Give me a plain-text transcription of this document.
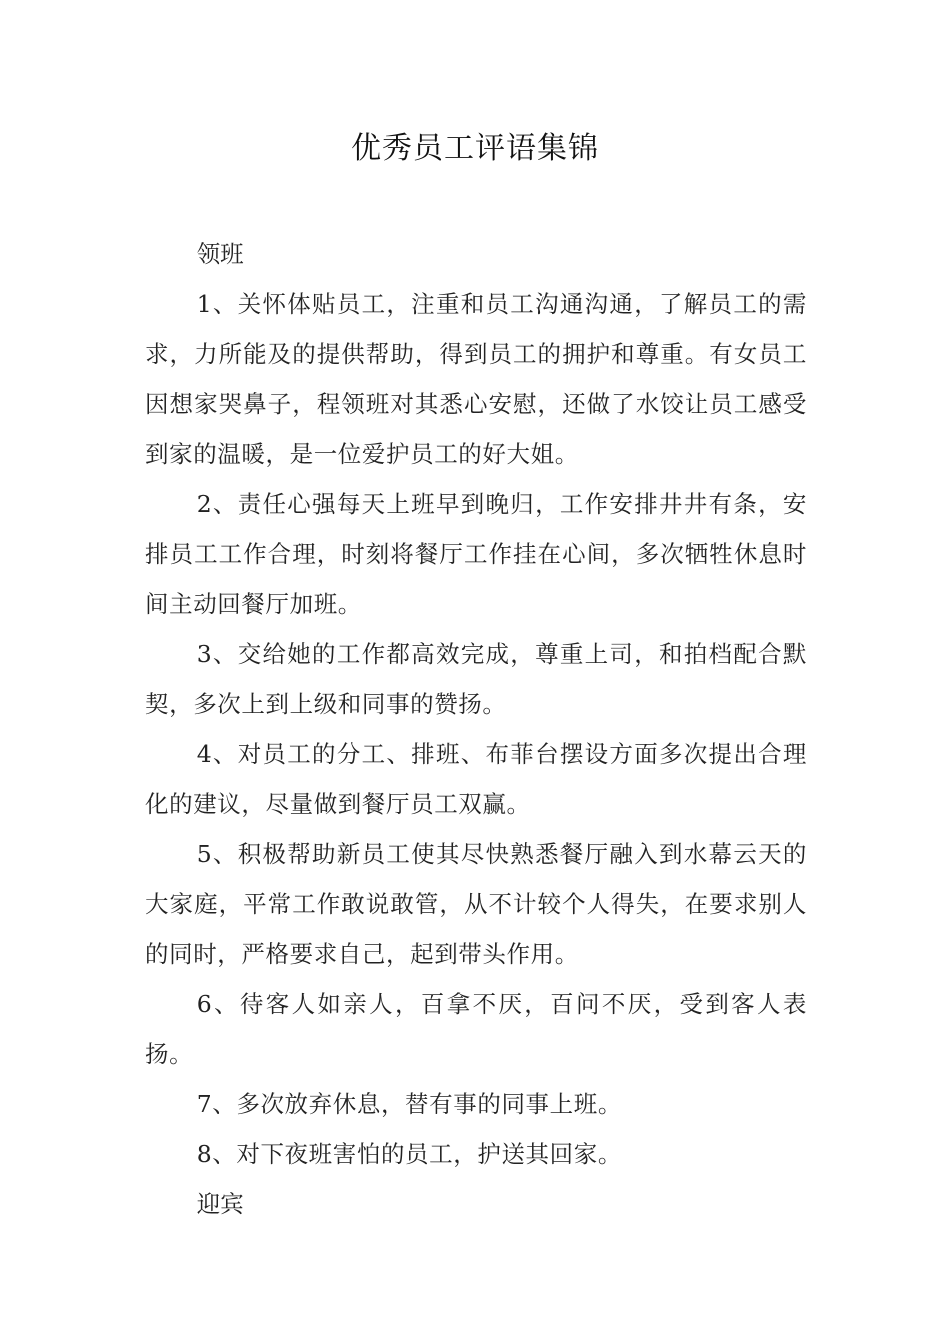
优秀员工评语集锦

领班

1、关怀体贴员工，注重和员工沟通沟通，了解员工的需求，力所能及的提供帮助，得到员工的拥护和尊重。有女员工因想家哭鼻子，程领班对其悉心安慰，还做了水饺让员工感受到家的温暖，是一位爱护员工的好大姐。

2、责任心强每天上班早到晚归，工作安排井井有条，安排员工工作合理，时刻将餐厅工作挂在心间，多次牺牲休息时间主动回餐厅加班。

3、交给她的工作都高效完成，尊重上司，和拍档配合默契，多次上到上级和同事的赞扬。

4、对员工的分工、排班、布菲台摆设方面多次提出合理化的建议，尽量做到餐厅员工双赢。

5、积极帮助新员工使其尽快熟悉餐厅融入到水幕云天的大家庭，平常工作敢说敢管，从不计较个人得失，在要求别人的同时，严格要求自己，起到带头作用。

6、待客人如亲人，百拿不厌，百问不厌，受到客人表扬。

7、多次放弃休息，替有事的同事上班。

8、对下夜班害怕的员工，护送其回家。

迎宾
